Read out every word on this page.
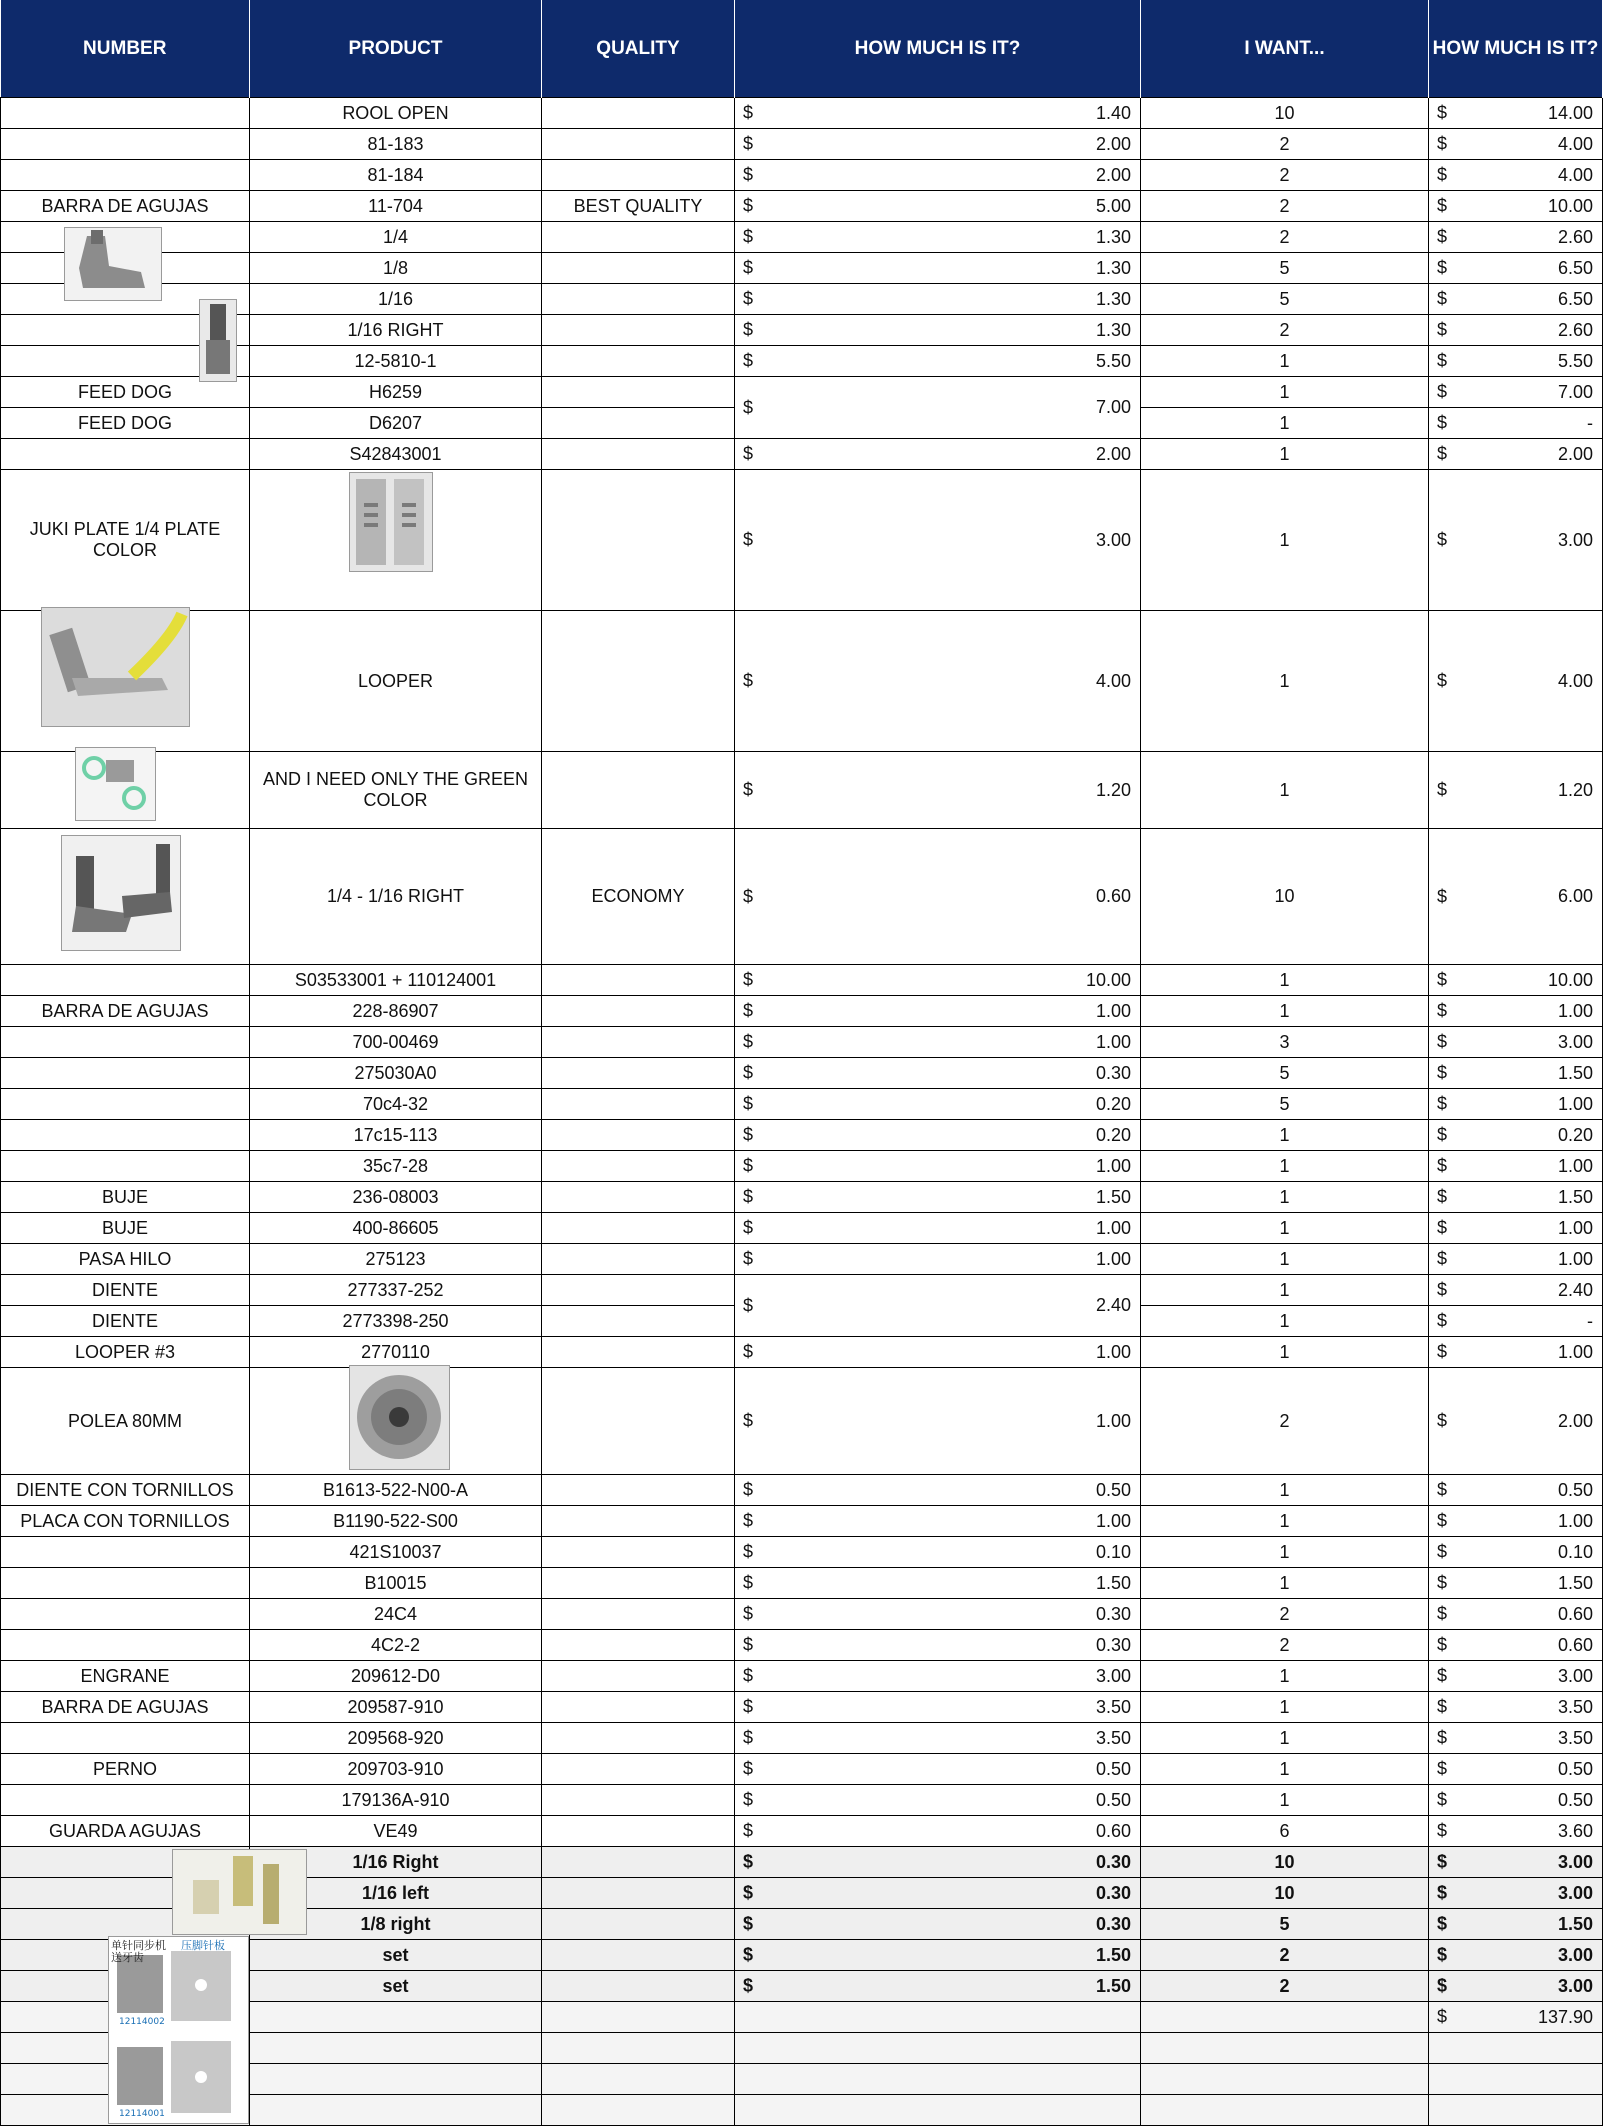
NUMBER	PRODUCT	QUALITY	HOW MUCH IS IT?	I WANT...	HOW MUCH IS IT?
	ROOL OPEN		$ 1.40	10	$ 14.00

	81-183		$ 2.00	2	$ 4.00

	81-184		$ 2.00	2	$ 4.00

BARRA DE AGUJAS	11-704	BEST QUALITY	$ 5.00	2	$ 10.00

	1/4		$ 1.30	2	$ 2.60

	1/8		$ 1.30	5	$ 6.50

	1/16		$ 1.30	5	$ 6.50

	1/16 RIGHT		$ 1.30	2	$ 2.60

	12-5810-1		$ 5.50	1	$ 5.50

FEED DOG	H6259		$ 7.00	1	$ 7.00

FEED DOG	D6207			1	$ -

	S42843001		$ 2.00	1	$ 2.00

JUKI PLATE 1/4 PLATE COLOR			$ 3.00	1	$ 3.00

	LOOPER		$ 4.00	1	$ 4.00

	AND I NEED ONLY THE GREEN COLOR		$ 1.20	1	$ 1.20

	1/4 - 1/16 RIGHT	ECONOMY	$ 0.60	10	$ 6.00

	S03533001 + 110124001		$ 10.00	1	$ 10.00

BARRA DE AGUJAS	228-86907		$ 1.00	1	$ 1.00

	700-00469		$ 1.00	3	$ 3.00

	275030A0		$ 0.30	5	$ 1.50

	70c4-32		$ 0.20	5	$ 1.00

	17c15-113		$ 0.20	1	$ 0.20

	35c7-28		$ 1.00	1	$ 1.00

BUJE	236-08003		$ 1.50	1	$ 1.50

BUJE	400-86605		$ 1.00	1	$ 1.00

PASA HILO	275123		$ 1.00	1	$ 1.00

DIENTE	277337-252		$ 2.40	1	$ 2.40

DIENTE	2773398-250			1	$ -

LOOPER #3	2770110		$ 1.00	1	$ 1.00

POLEA 80MM			$ 1.00	2	$ 2.00

DIENTE CON TORNILLOS	B1613-522-N00-A		$ 0.50	1	$ 0.50

PLACA CON TORNILLOS	B1190-522-S00		$ 1.00	1	$ 1.00

	421S10037		$ 0.10	1	$ 0.10

	B10015		$ 1.50	1	$ 1.50

	24C4		$ 0.30	2	$ 0.60

	4C2-2		$ 0.30	2	$ 0.60

ENGRANE	209612-D0		$ 3.00	1	$ 3.00

BARRA DE AGUJAS	209587-910		$ 3.50	1	$ 3.50

	209568-920		$ 3.50	1	$ 3.50

PERNO	209703-910		$ 0.50	1	$ 0.50

	179136A-910		$ 0.50	1	$ 0.50

GUARDA AGUJAS	VE49		$ 0.60	6	$ 3.60

	1/16 Right		$ 0.30	10	$ 3.00

	1/16 left		$ 0.30	10	$ 3.00

	1/8 right		$ 0.30	5	$ 1.50

	set		$ 1.50	2	$ 3.00

	set		$ 1.50	2	$ 3.00

					$ 137.90

单针同步机
送牙齿
压脚针板
12114002
12114001
